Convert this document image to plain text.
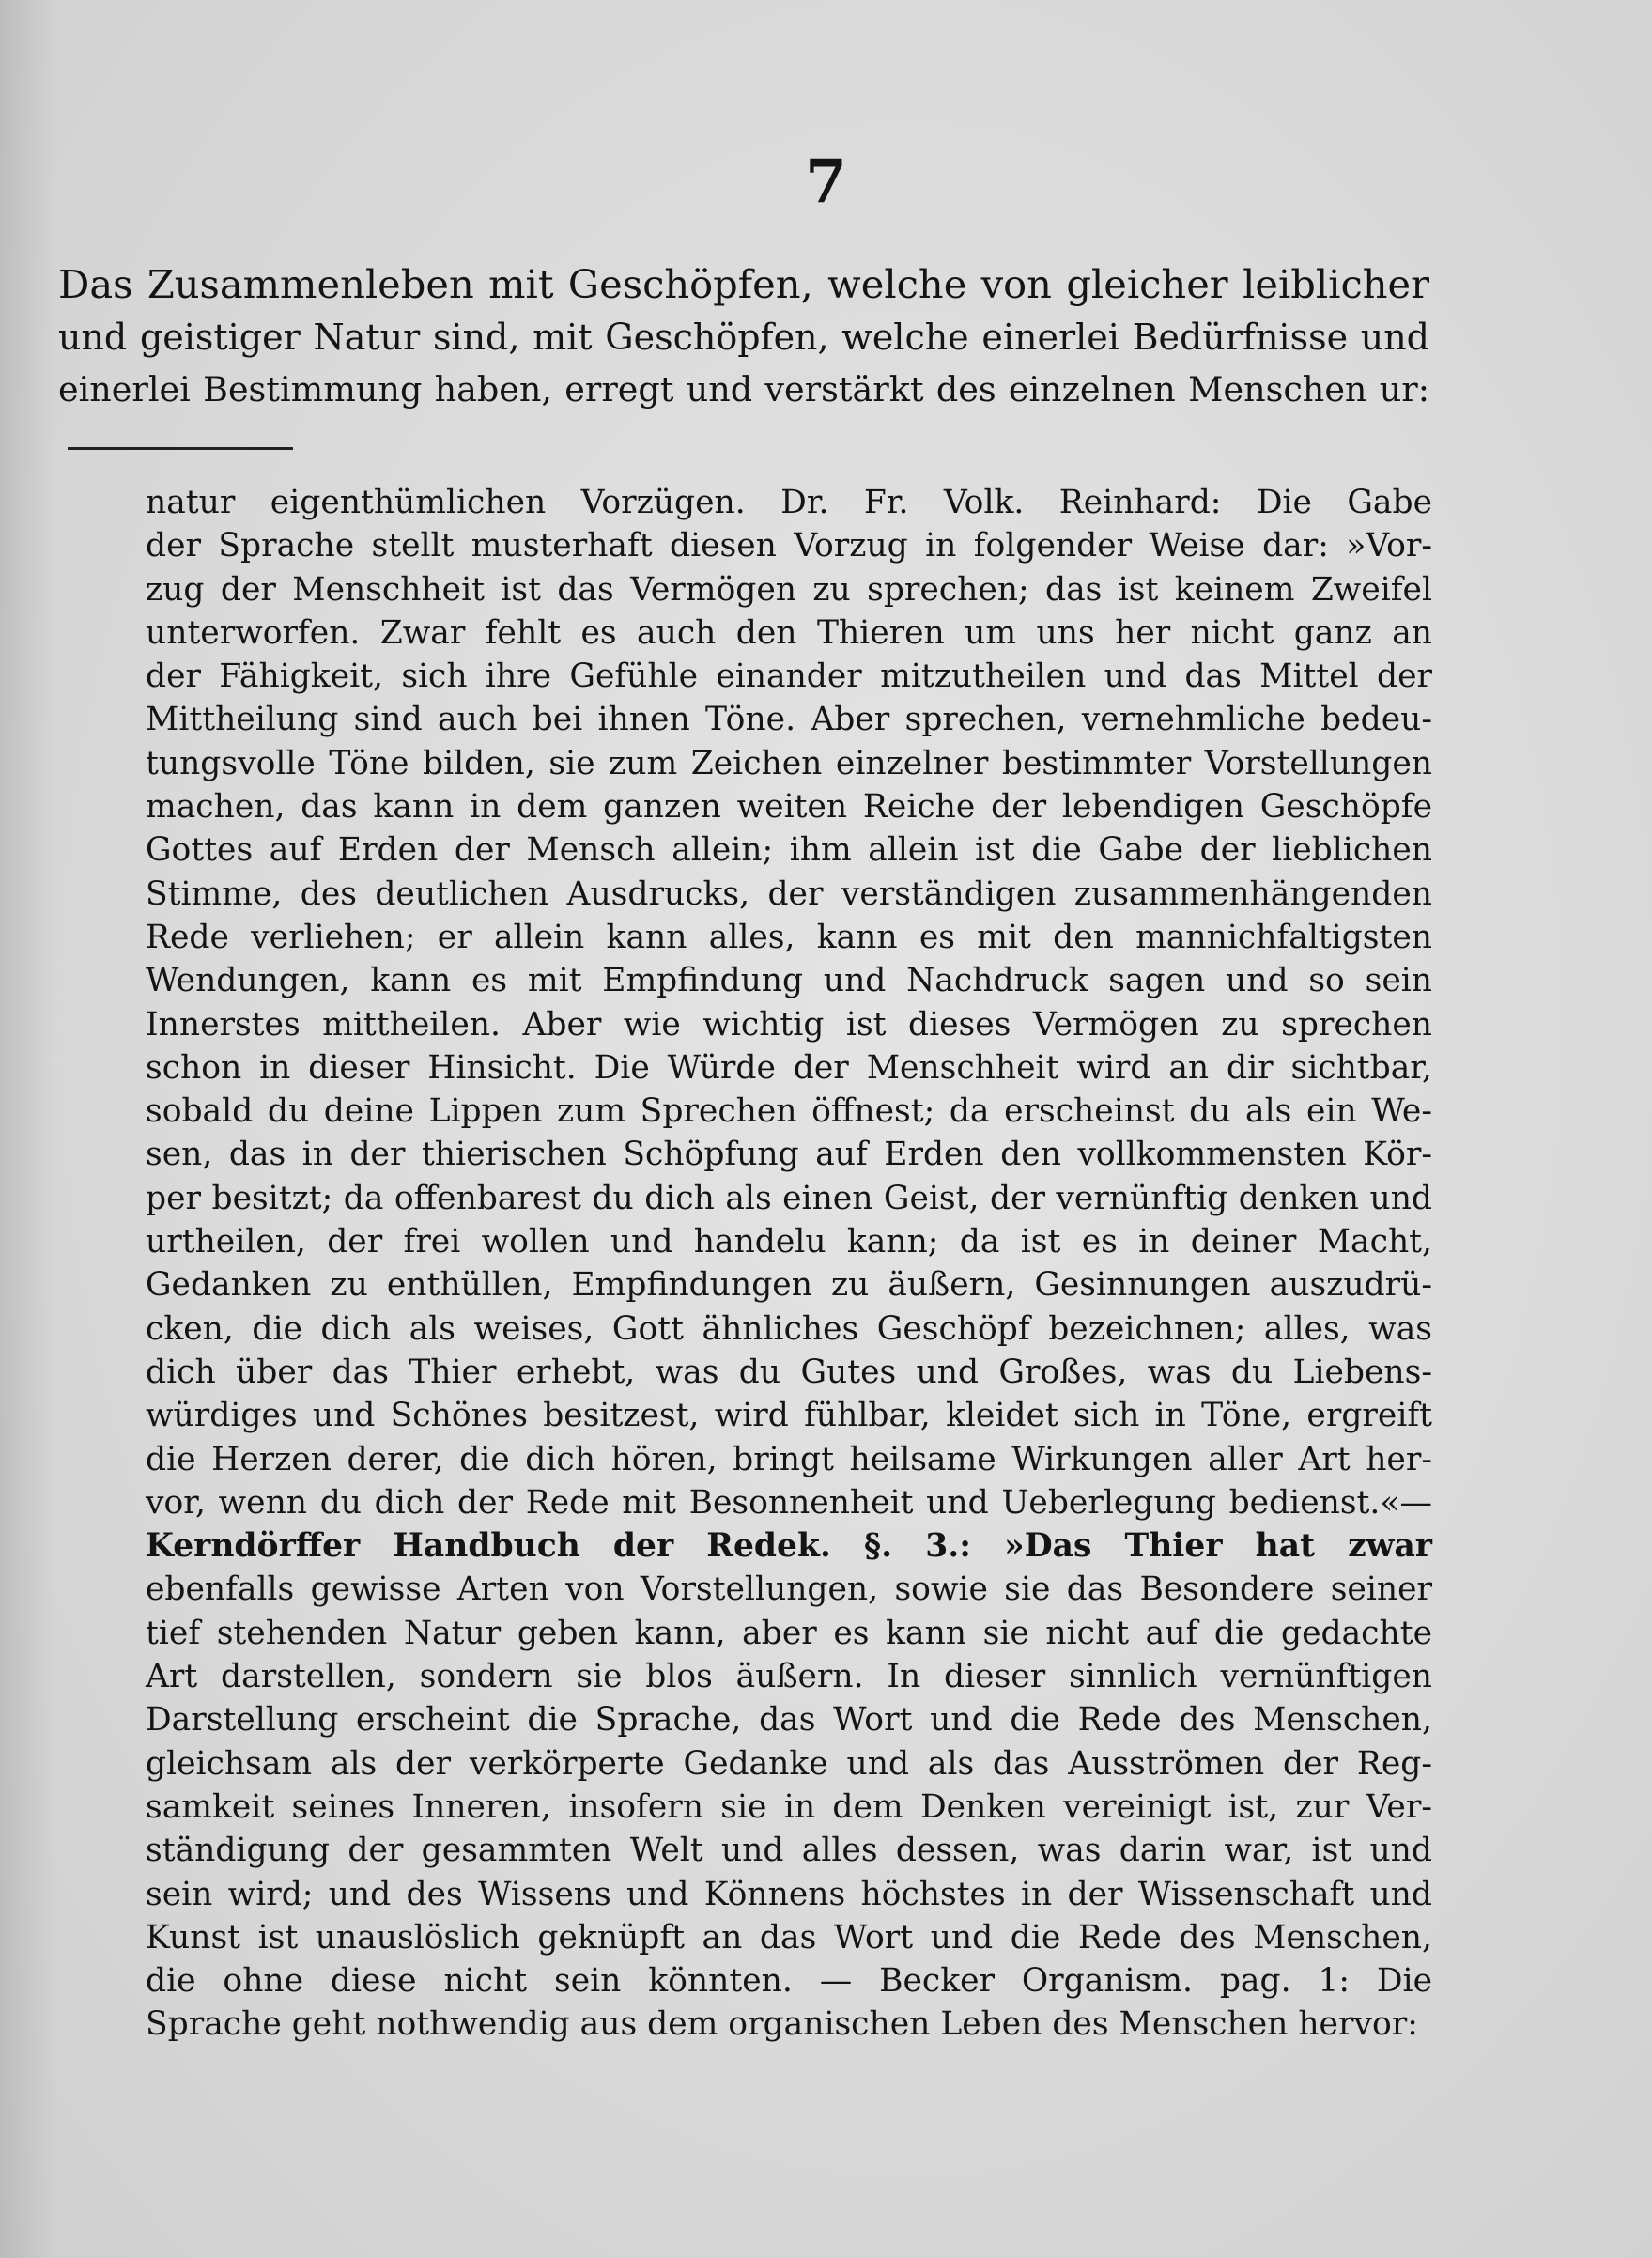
7
Das Zusammenleben mit Geschöpfen, welche von gleicher leiblicher
und geistiger Natur sind, mit Geschöpfen, welche einerlei Bedürfnisse und
einerlei Bestimmung haben, erregt und verstärkt des einzelnen Menschen ur:
natur eigenthümlichen Vorzügen. Dr. Fr. Volk. Reinhard: Die Gabe
der Sprache stellt musterhaft diesen Vorzug in folgender Weise dar: »Vor-
zug der Menschheit ist das Vermögen zu sprechen; das ist keinem Zweifel
unterworfen. Zwar fehlt es auch den Thieren um uns her nicht ganz an
der Fähigkeit, sich ihre Gefühle einander mitzutheilen und das Mittel der
Mittheilung sind auch bei ihnen Töne. Aber sprechen, vernehmliche bedeu-
tungsvolle Töne bilden, sie zum Zeichen einzelner bestimmter Vorstellungen
machen, das kann in dem ganzen weiten Reiche der lebendigen Geschöpfe
Gottes auf Erden der Mensch allein; ihm allein ist die Gabe der lieblichen
Stimme, des deutlichen Ausdrucks, der verständigen zusammenhängenden
Rede verliehen; er allein kann alles, kann es mit den mannichfaltigsten
Wendungen, kann es mit Empfindung und Nachdruck sagen und so sein
Innerstes mittheilen. Aber wie wichtig ist dieses Vermögen zu sprechen
schon in dieser Hinsicht. Die Würde der Menschheit wird an dir sichtbar,
sobald du deine Lippen zum Sprechen öffnest; da erscheinst du als ein We-
sen, das in der thierischen Schöpfung auf Erden den vollkommensten Kör-
per besitzt; da offenbarest du dich als einen Geist, der vernünftig denken und
urtheilen, der frei wollen und handelu kann; da ist es in deiner Macht,
Gedanken zu enthüllen, Empfindungen zu äußern, Gesinnungen auszudrü-
cken, die dich als weises, Gott ähnliches Geschöpf bezeichnen; alles, was
dich über das Thier erhebt, was du Gutes und Großes, was du Liebens-
würdiges und Schönes besitzest, wird fühlbar, kleidet sich in Töne, ergreift
die Herzen derer, die dich hören, bringt heilsame Wirkungen aller Art her-
vor, wenn du dich der Rede mit Besonnenheit und Ueberlegung bedienst.«—
Kerndörffer Handbuch der Redek. §. 3.: »Das Thier hat zwar
ebenfalls gewisse Arten von Vorstellungen, sowie sie das Besondere seiner
tief stehenden Natur geben kann, aber es kann sie nicht auf die gedachte
Art darstellen, sondern sie blos äußern. In dieser sinnlich vernünftigen
Darstellung erscheint die Sprache, das Wort und die Rede des Menschen,
gleichsam als der verkörperte Gedanke und als das Ausströmen der Reg-
samkeit seines Inneren, insofern sie in dem Denken vereinigt ist, zur Ver-
ständigung der gesammten Welt und alles dessen, was darin war, ist und
sein wird; und des Wissens und Könnens höchstes in der Wissenschaft und
Kunst ist unauslöslich geknüpft an das Wort und die Rede des Menschen,
die ohne diese nicht sein könnten. — Becker Organism. pag. 1: Die
Sprache geht nothwendig aus dem organischen Leben des Menschen hervor:
